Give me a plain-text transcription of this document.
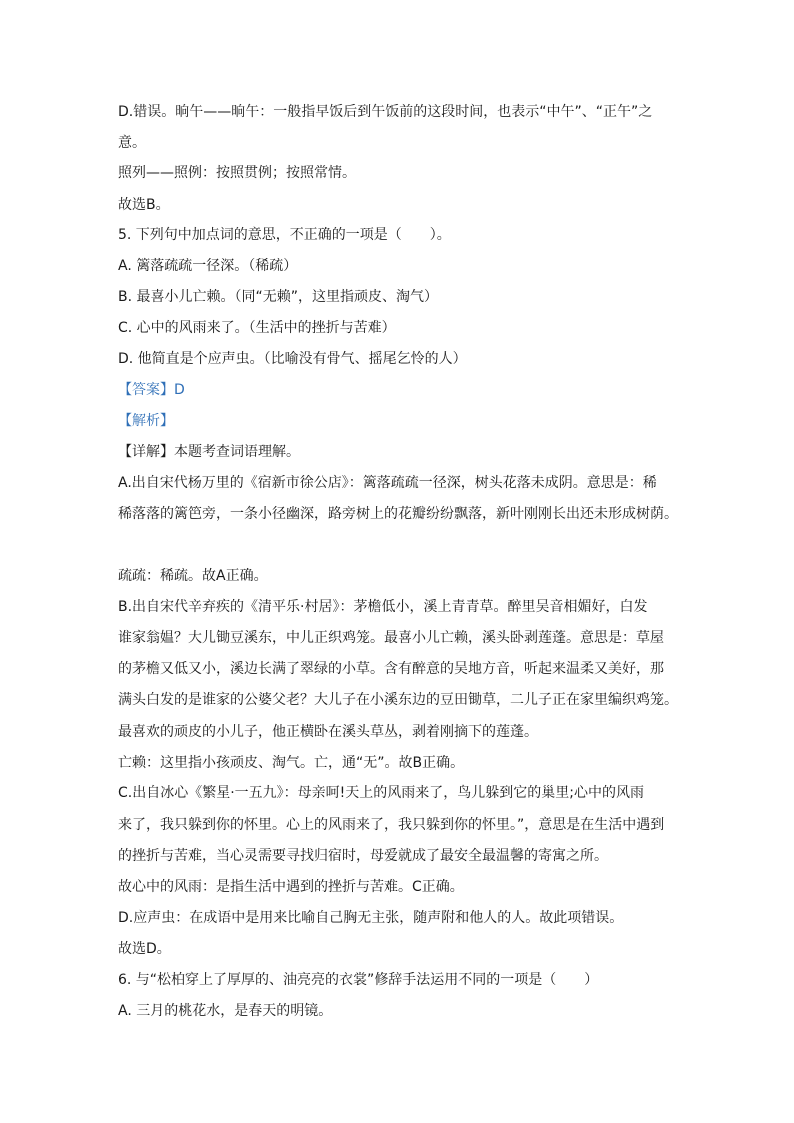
D.错误。晌午——晌午：一般指早饭后到午饭前的这段时间，也表示“中午”、“正午”之
意。
照列——照例：按照贯例；按照常情。
故选B。
5. 下列句中加点词的意思，不正确的一项是（　　）。
A. 篱落疏疏一径深。（稀疏）
B. 最喜小儿亡赖。（同“无赖”，这里指顽皮、淘气）
C. 心中的风雨来了。（生活中的挫折与苦难）
D. 他简直是个应声虫。（比喻没有骨气、摇尾乞怜的人）
【答案】D
【解析】
【详解】本题考查词语理解。
A.出自宋代杨万里的《宿新市徐公店》：篱落疏疏一径深，树头花落未成阴。意思是：稀
稀落落的篱笆旁，一条小径幽深，路旁树上的花瓣纷纷飘落，新叶刚刚长出还未形成树荫。
疏疏：稀疏。故A正确。
B.出自宋代辛弃疾的《清平乐·村居》：茅檐低小，溪上青青草。醉里吴音相媚好，白发
谁家翁媪？大儿锄豆溪东，中儿正织鸡笼。最喜小儿亡赖，溪头卧剥莲蓬。意思是：草屋
的茅檐又低又小，溪边长满了翠绿的小草。含有醉意的吴地方音，听起来温柔又美好，那
满头白发的是谁家的公婆父老？大儿子在小溪东边的豆田锄草，二儿子正在家里编织鸡笼。
最喜欢的顽皮的小儿子，他正横卧在溪头草丛，剥着刚摘下的莲蓬。
亡赖：这里指小孩顽皮、淘气。亡，通“无”。故B正确。
C.出自冰心《繁星·一五九》：母亲呵!天上的风雨来了，鸟儿躲到它的巢里;心中的风雨
来了，我只躲到你的怀里。心上的风雨来了，我只躲到你的怀里。”，意思是在生活中遇到
的挫折与苦难，当心灵需要寻找归宿时，母爱就成了最安全最温馨的寄寓之所。
故心中的风雨：是指生活中遇到的挫折与苦难。C正确。
D.应声虫：在成语中是用来比喻自己胸无主张，随声附和他人的人。故此项错误。
故选D。
6. 与“松柏穿上了厚厚的、油亮亮的衣裳”修辞手法运用不同的一项是（　　）
A. 三月的桃花水，是春天的明镜。
